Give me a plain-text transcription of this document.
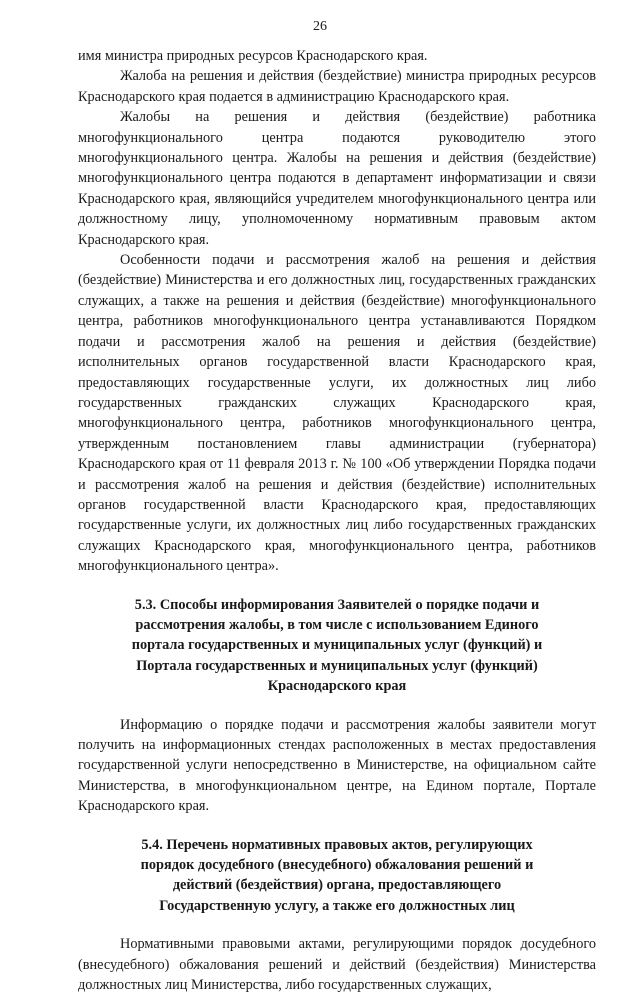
26

имя министра природных ресурсов Краснодарского края.

Жалоба на решения и действия (бездействие) министра природных ресурсов Краснодарского края подается в администрацию Краснодарского края.

Жалобы на решения и действия (бездействие) работника многофункционального центра подаются руководителю этого многофункционального центра. Жалобы на решения и действия (бездействие) многофункционального центра подаются в департамент информатизации и связи Краснодарского края, являющийся учредителем многофункционального центра или должностному лицу, уполномоченному нормативным правовым актом Краснодарского края.

Особенности подачи и рассмотрения жалоб на решения и действия (бездействие) Министерства и его должностных лиц, государственных гражданских служащих, а также на решения и действия (бездействие) многофункционального центра, работников многофункционального центра устанавливаются Порядком подачи и рассмотрения жалоб на решения и действия (бездействие) исполнительных органов государственной власти Краснодарского края, предоставляющих государственные услуги, их должностных лиц либо государственных гражданских служащих Краснодарского края, многофункционального центра, работников многофункционального центра, утвержденным постановлением главы администрации (губернатора) Краснодарского края от 11 февраля 2013 г. № 100 «Об утверждении Порядка подачи и рассмотрения жалоб на решения и действия (бездействие) исполнительных органов государственной власти Краснодарского края, предоставляющих государственные услуги, их должностных лиц либо государственных гражданских служащих Краснодарского края, многофункционального центра, работников многофункционального центра».

5.3. Способы информирования Заявителей о порядке подачи и рассмотрения жалобы, в том числе с использованием Единого портала государственных и муниципальных услуг (функций) и Портала государственных и муниципальных услуг (функций) Краснодарского края

Информацию о порядке подачи и рассмотрения жалобы заявители могут получить на информационных стендах расположенных в местах предоставления государственной услуги непосредственно в Министерстве, на официальном сайте Министерства, в многофункциональном центре, на Едином портале, Портале Краснодарского края.

5.4. Перечень нормативных правовых актов, регулирующих порядок досудебного (внесудебного) обжалования решений и действий (бездействия) органа, предоставляющего Государственную услугу, а также его должностных лиц

Нормативными правовыми актами, регулирующими порядок досудебного (внесудебного) обжалования решений и действий (бездействия) Министерства должностных лиц Министерства, либо государственных служащих,
